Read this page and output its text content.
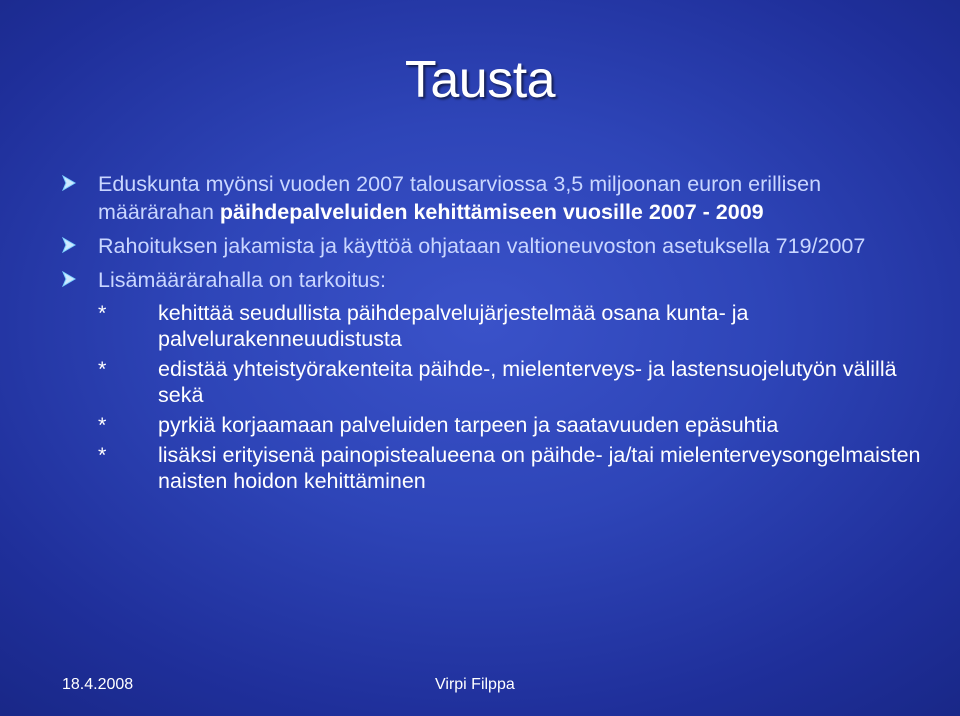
Tausta
Eduskunta myönsi vuoden 2007 talousarviossa 3,5 miljoonan euron erillisen määrärahan päihdepalveluiden kehittämiseen vuosille 2007 - 2009
Rahoituksen jakamista ja käyttöä ohjataan valtioneuvoston asetuksella 719/2007
Lisämäärärahalla on tarkoitus:
* kehittää seudullista päihdepalvelujärjestelmää osana kunta- ja palvelurakenneuudistusta
* edistää yhteistyörakenteita päihde-, mielenterveys- ja lastensuojelutyön välillä sekä
* pyrkiä korjaamaan palveluiden tarpeen ja saatavuuden epäsuhtia
* lisäksi erityisenä painopistealueena on päihde- ja/tai mielenterveysongelmaisten naisten hoidon kehittäminen
18.4.2008	Virpi Filppa
